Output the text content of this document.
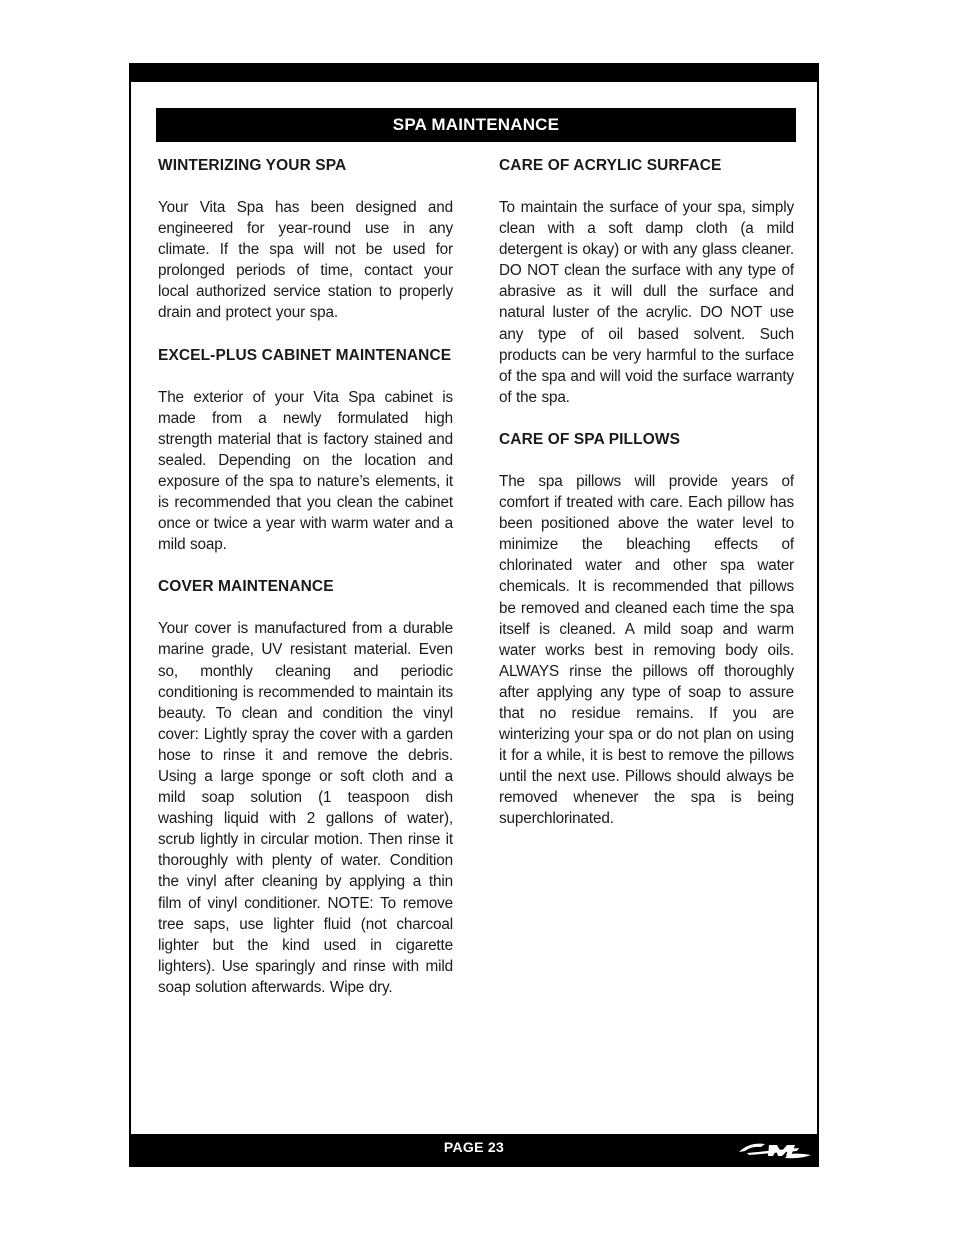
SPA MAINTENANCE
WINTERIZING YOUR SPA

Your Vita Spa has been designed and engineered for year-round use in any climate. If the spa will not be used for prolonged periods of time, contact your local authorized service station to properly drain and protect your spa.

EXCEL-PLUS CABINET MAINTENANCE

The exterior of your Vita Spa cabinet is made from a newly formulated high strength material that is factory stained and sealed. Depending on the location and exposure of the spa to nature’s elements, it is recommended that you clean the cabinet once or twice a year with warm water and a mild soap.

COVER MAINTENANCE

Your cover is manufactured from a durable marine grade, UV resistant material. Even so, monthly cleaning and periodic conditioning is recommended to maintain its beauty. To clean and condition the vinyl cover: Lightly spray the cover with a garden hose to rinse it and remove the debris. Using a large sponge or soft cloth and a mild soap solution (1 teaspoon dish washing liquid with 2 gallons of water), scrub lightly in circular motion. Then rinse it thoroughly with plenty of water. Condition the vinyl after cleaning by applying a thin film of vinyl conditioner. NOTE: To remove tree saps, use lighter fluid (not charcoal lighter but the kind used in cigarette lighters). Use sparingly and rinse with mild soap solution afterwards. Wipe dry.

CARE OF ACRYLIC SURFACE

To maintain the surface of your spa, simply clean with a soft damp cloth (a mild detergent is okay) or with any glass cleaner. DO NOT clean the surface with any type of abrasive as it will dull the surface and natural luster of the acrylic. DO NOT use any type of oil based solvent. Such products can be very harmful to the surface of the spa and will void the surface warranty of the spa.

CARE OF SPA PILLOWS

The spa pillows will provide years of comfort if treated with care. Each pillow has been positioned above the water level to minimize the bleaching effects of chlorinated water and other spa water chemicals. It is recommended that pillows be removed and cleaned each time the spa itself is cleaned. A mild soap and warm water works best in removing body oils. ALWAYS rinse the pillows off thoroughly after applying any type of soap to assure that no residue remains. If you are winterizing your spa or do not plan on using it for a while, it is best to remove the pillows until the next use. Pillows should always be removed whenever the spa is being superchlorinated.

PAGE 23
